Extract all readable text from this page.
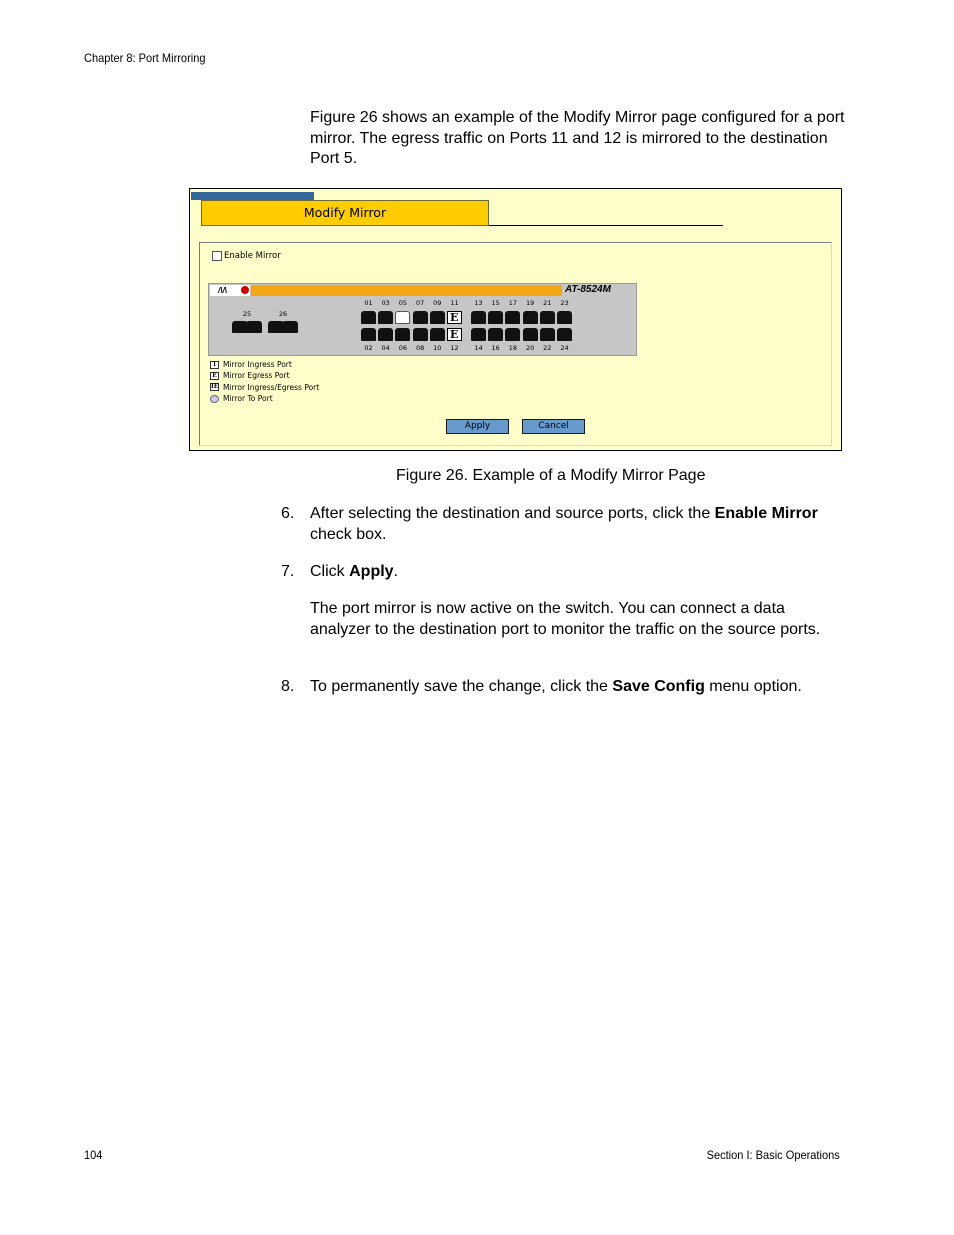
Chapter 8: Port Mirroring

Figure 26 shows an example of the Modify Mirror page configured for a port mirror. The egress traffic on Ports 11 and 12 is mirrored to the destination Port 5.

Modify Mirror
Enable Mirror
/\/\	AT-8524M
01	03	05	07	09
E	11	13	15	17	19	21	23
02	04	06	08	10
E	12	14	16	18	20	22	24
25	26
I Mirror Ingress Port
E Mirror Egress Port
IE Mirror Ingress/Egress Port
Mirror To Port
Apply	Cancel
Figure 26. Example of a Modify Mirror Page
6. After selecting the destination and source ports, click the Enable Mirror check box.
7. Click Apply.

The port mirror is now active on the switch. You can connect a data analyzer to the destination port to monitor the traffic on the source ports.

8. To permanently save the change, click the Save Config menu option.
104	Section I: Basic Operations
